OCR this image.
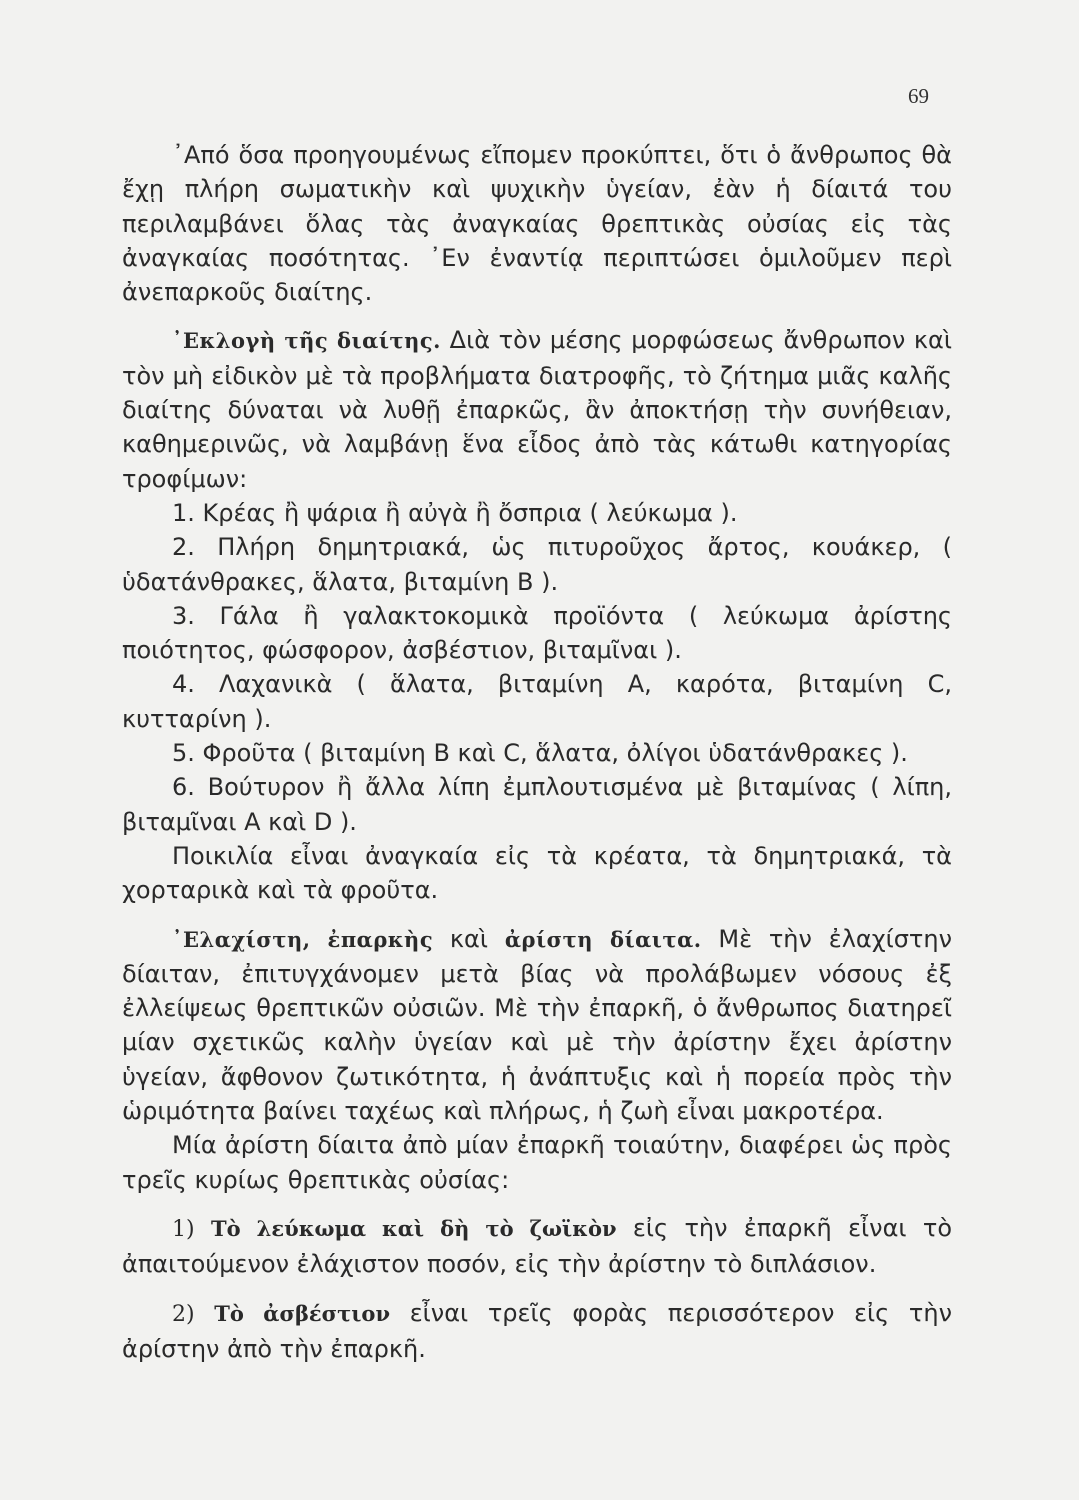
69

᾿Από ὅσα προηγουμένως εἴπομεν προκύπτει, ὅτι ὁ ἄνθρωπος θὰ ἔχῃ πλήρη σωματικὴν καὶ ψυχικὴν ὑγείαν, ἐὰν ἡ δίαιτά του περιλαμβάνει ὅλας τὰς ἀναγκαίας θρεπτικὰς οὐσίας εἰς τὰς ἀναγκαίας ποσότητας. ᾿Εν ἐναντίᾳ περιπτώσει ὁμιλοῦμεν περὶ ἀνεπαρκοῦς διαίτης.

᾿Εκλογὴ τῆς διαίτης. Διὰ τὸν μέσης μορφώσεως ἄνθρωπον καὶ τὸν μὴ εἰδικὸν μὲ τὰ προβλήματα διατροφῆς, τὸ ζήτημα μιᾶς καλῆς διαίτης δύναται νὰ λυθῇ ἐπαρκῶς, ἂν ἀποκτήσῃ τὴν συνήθειαν, καθημερινῶς, νὰ λαμβάνῃ ἕνα εἶδος ἀπὸ τὰς κάτωθι κατηγορίας τροφίμων:

1. Κρέας ἢ ψάρια ἢ αὐγὰ ἢ ὄσπρια ( λεύκωμα ).

2. Πλήρη δημητριακά, ὡς πιτυροῦχος ἄρτος, κουάκερ, ( ὑδατάνθρακες, ἅλατα, βιταμίνη Β ).

3. Γάλα ἢ γαλακτοκομικὰ προϊόντα ( λεύκωμα ἀρίστης ποιότητος, φώσφορον, ἀσβέστιον, βιταμῖναι ).

4. Λαχανικὰ ( ἅλατα, βιταμίνη Α, καρότα, βιταμίνη C, κυτταρίνη ).

5. Φροῦτα ( βιταμίνη Β καὶ C, ἅλατα, ὀλίγοι ὑδατάνθρακες ).

6. Βούτυρον ἢ ἄλλα λίπη ἐμπλουτισμένα μὲ βιταμίνας ( λίπη, βιταμῖναι Α καὶ D ).

Ποικιλία εἶναι ἀναγκαία εἰς τὰ κρέατα, τὰ δημητριακά, τὰ χορταρικὰ καὶ τὰ φροῦτα.

᾿Ελαχίστη, ἐπαρκὴς καὶ ἀρίστη δίαιτα. Μὲ τὴν ἐλαχίστην δίαιταν, ἐπιτυγχάνομεν μετὰ βίας νὰ προλάβωμεν νόσους ἐξ ἐλλείψεως θρεπτικῶν οὐσιῶν. Μὲ τὴν ἐπαρκῆ, ὁ ἄνθρωπος διατηρεῖ μίαν σχετικῶς καλὴν ὑγείαν καὶ μὲ τὴν ἀρίστην ἔχει ἀρίστην ὑγείαν, ἄφθονον ζωτικότητα, ἡ ἀνάπτυξις καὶ ἡ πορεία πρὸς τὴν ὡριμότητα βαίνει ταχέως καὶ πλήρως, ἡ ζωὴ εἶναι μακροτέρα.

Μία ἀρίστη δίαιτα ἀπὸ μίαν ἐπαρκῆ τοιαύτην, διαφέρει ὡς πρὸς τρεῖς κυρίως θρεπτικὰς οὐσίας:

1) Τὸ λεύκωμα καὶ δὴ τὸ ζωϊκὸν εἰς τὴν ἐπαρκῆ εἶναι τὸ ἀπαιτούμενον ἐλάχιστον ποσόν, εἰς τὴν ἀρίστην τὸ διπλάσιον.

2) Τὸ ἀσβέστιον εἶναι τρεῖς φορὰς περισσότερον εἰς τὴν ἀρίστην ἀπὸ τὴν ἐπαρκῆ.
